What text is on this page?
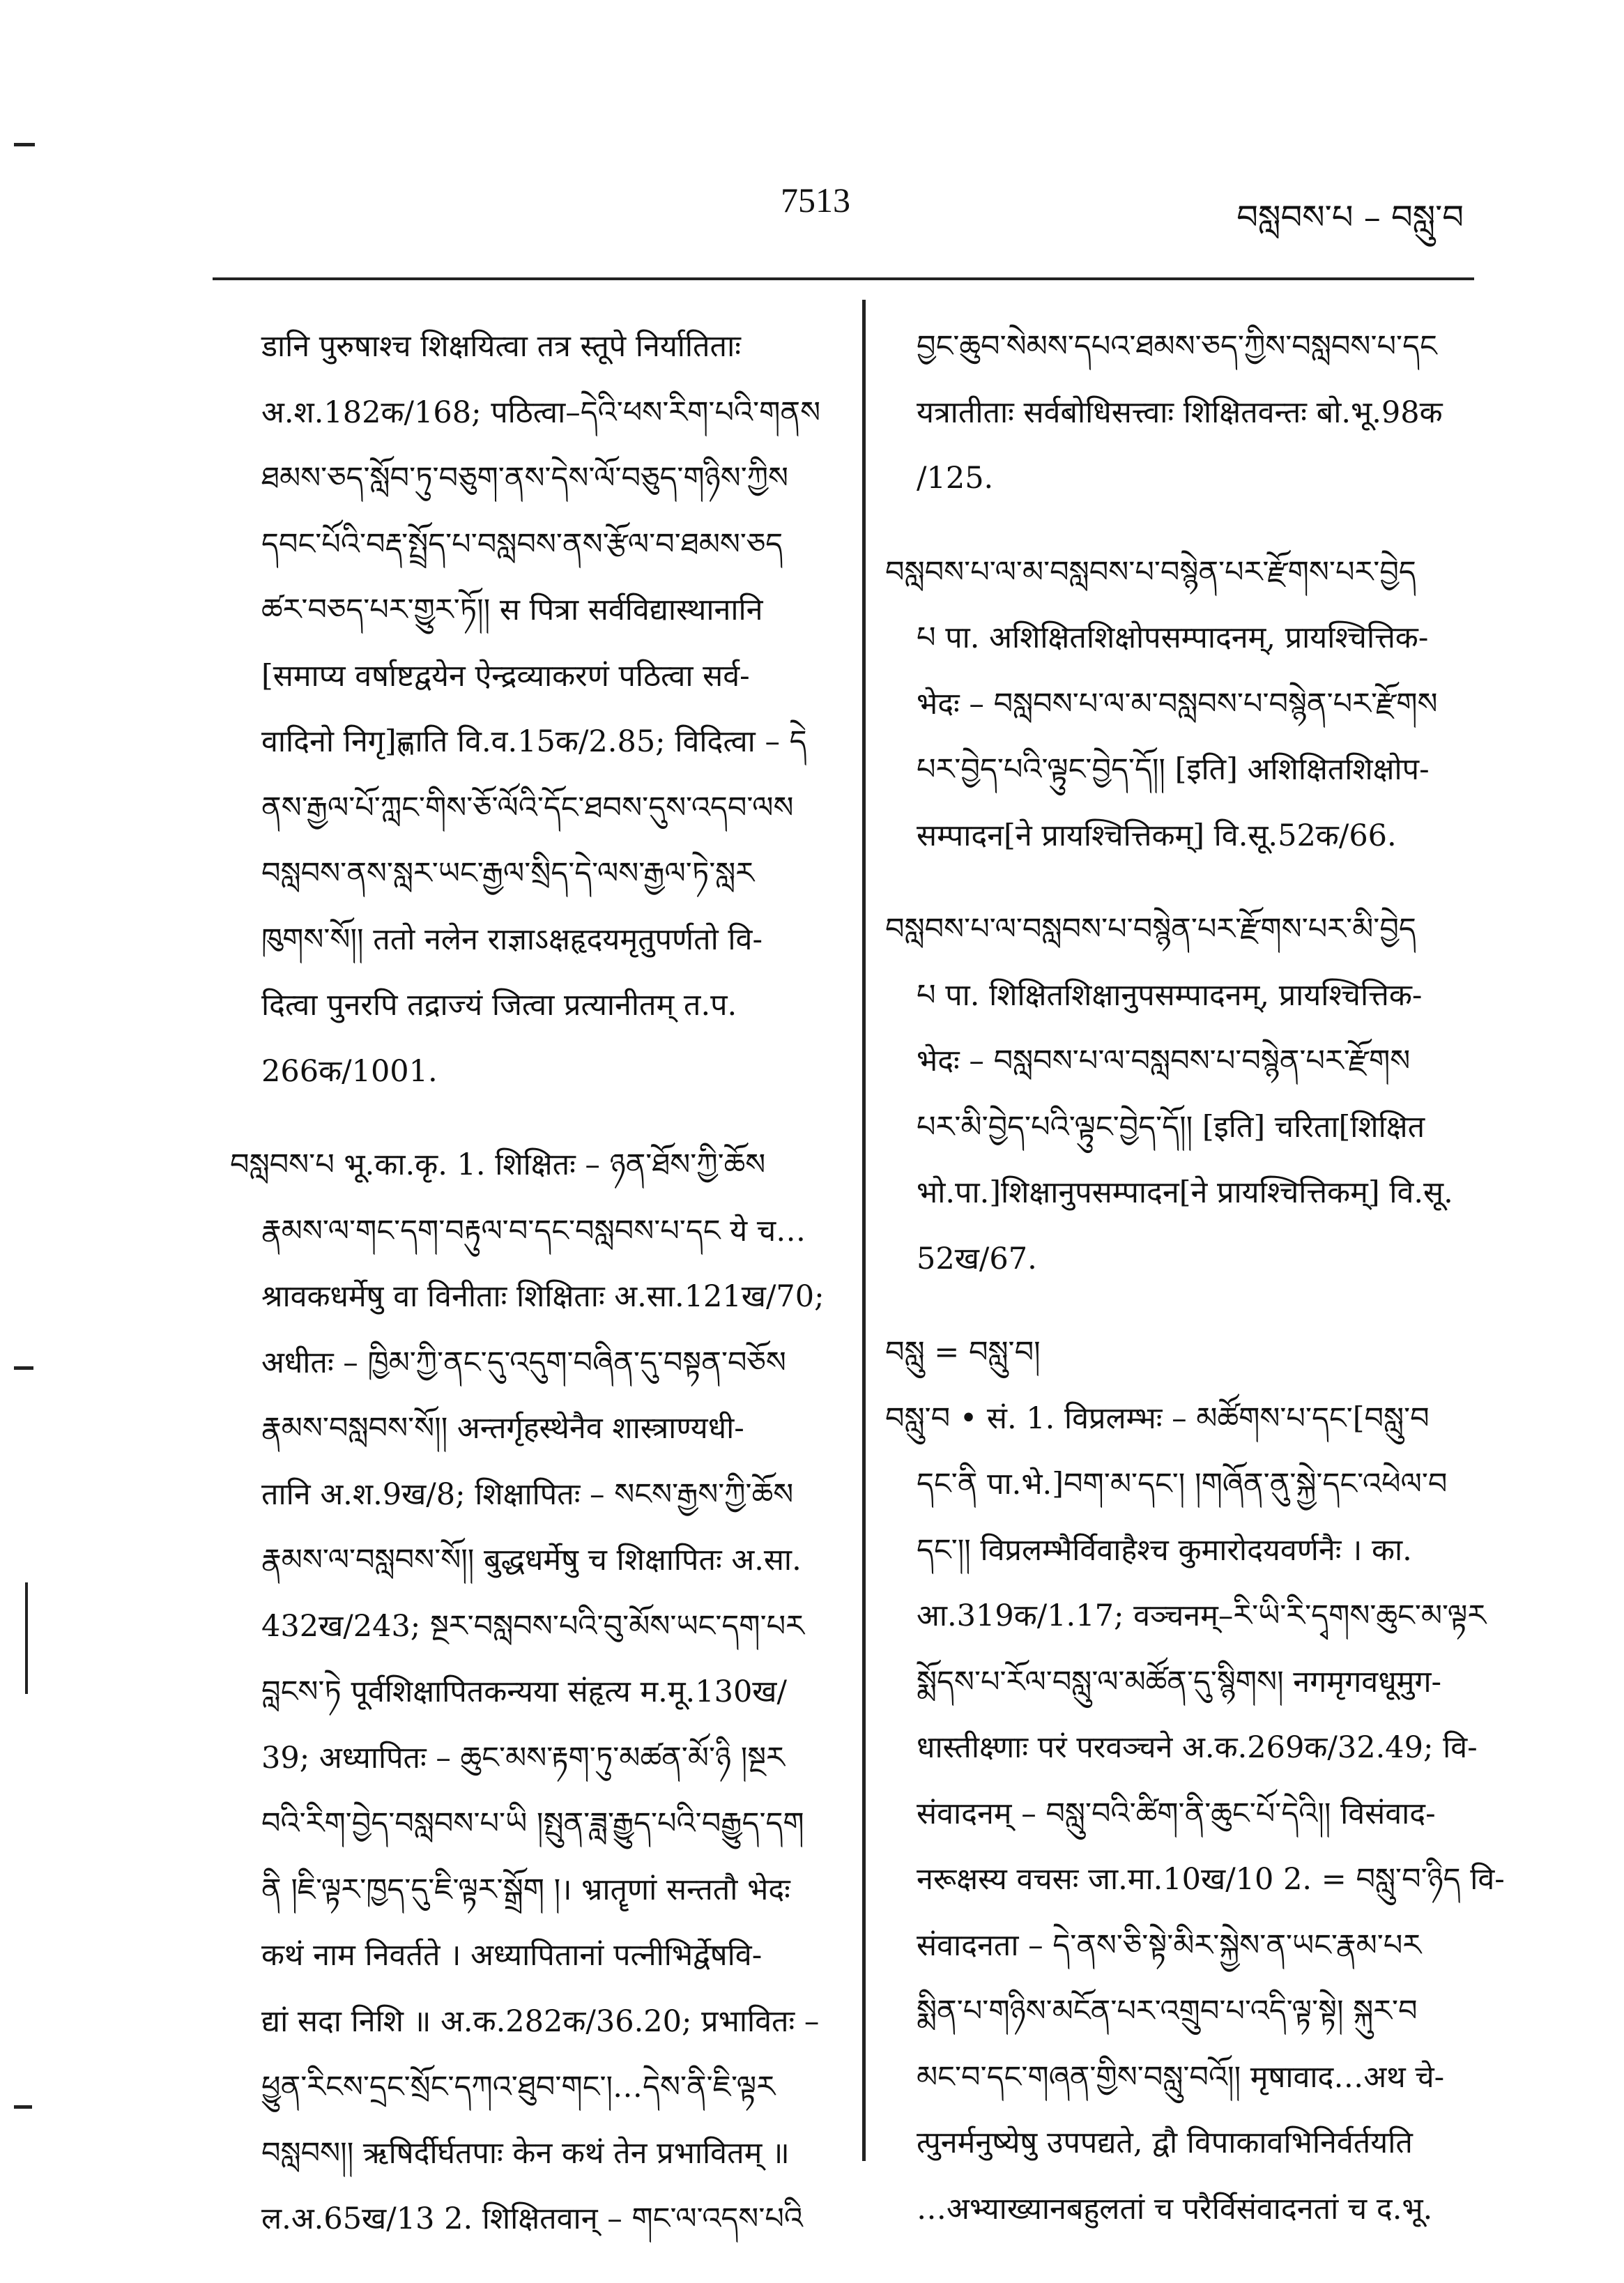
7513	བསླབས་པ – བསླུ་བ
डानि पुरुषाश्च शिक्षयित्वा तत्र स्तूपे निर्यातिताः
अ.श.182क/168; पठित्वा–དེའི་ཕས་རིག་པའི་གནས
ཐམས་ཅད་སློབ་ཏུ་བཅུག་ནས་དེས་ལོ་བཅུད་གཉིས་ཀྱིས
དབང་པོའི་བརྡ་སྤྲོད་པ་བསླབས་ནས་རྩོལ་བ་ཐམས་ཅད
ཚར་བཅད་པར་གྱུར་ཏོ།། स पित्रा सर्वविद्यास्थानानि
[समाप्य वर्षाष्टद्वयेन ऐन्द्रव्याकरणं पठित्वा सर्व-
वादिनो निगृ]ह्णाति वि.व.15क/2.85; विदित्वा – དེ
ནས་རྒྱལ་པོ་ཀླང་གིས་ཅོ་ལོའི་དོང་ཐབས་དུས་འདབ་ལས
བསླབས་ནས་སླར་ཡང་རྒྱལ་སྲིད་དེ་ལས་རྒྱལ་ཏེ་སླར
ཁུགས་སོ།། ततो नलेन राज्ञाऽक्षहृदयमृतुपर्णतो वि-
दित्वा पुनरपि तद्राज्यं जित्वा प्रत्यानीतम् त.प.
266क/1001.
བསླབས་པ भू.का.कृ. 1. शिक्षितः – ཉན་ཐོས་ཀྱི་ཆོས
རྣམས་ལ་གང་དག་བརྟུལ་བ་དང་བསླབས་པ་དང ये च…
श्रावकधर्मेषु वा विनीताः शिक्षिताः अ.सा.121ख/70;
अधीतः – ཁྱིམ་ཀྱི་ནང་དུ་འདུག་བཞིན་དུ་བསྟན་བཅོས
རྣམས་བསླབས་སོ།། अन्तर्गृहस्थेनैव शास्त्राण्यधी-
तानि अ.श.9ख/8; शिक्षापितः – སངས་རྒྱས་ཀྱི་ཆོས
རྣམས་ལ་བསླབས་སོ།། बुद्धधर्मेषु च शिक्षापितः अ.सा.
432ख/243; སྔར་བསླབས་པའི་བུ་མོས་ཡང་དག་པར
བླངས་ཏེ पूर्वशिक्षापितकन्यया संहृत्य म.मू.130ख/
39; अध्यापितः – ཆུང་མས་རྟག་ཏུ་མཚན་མོ་ཉི །སྔར
བའི་རིག་བྱེད་བསླབས་པ་ཡི །སྤུན་ཟླ་རྒྱུད་པའི་བརྒྱུད་དག
ནི །ཇི་ལྟར་ཁྱད་དུ་ཇི་ལྟར་སྒྲོག །। भ्रातॄणां सन्ततौ भेदः
कथं नाम निवर्तते । अध्यापितानां पत्नीभिर्द्वेषवि-
द्यां सदा निशि ॥ अ.क.282क/36.20; प्रभावितः –
ཕྱུན་རིངས་དྲང་སྲོང་དཀའ་ཐུབ་གང་།…དེས་ནི་ཇི་ལྟར
བསླབས།། ऋषिर्दीर्घतपाः केन कथं तेन प्रभावितम् ॥
ल.अ.65ख/13 2. शिक्षितवान् – གང་ལ་འདས་པའི
བྱང་ཆུབ་སེམས་དཔའ་ཐམས་ཅད་ཀྱིས་བསླབས་པ་དང
यत्रातीताः सर्वबोधिसत्त्वाः शिक्षितवन्तः बो.भू.98क
/125.
བསླབས་པ་ལ་མ་བསླབས་པ་བསྙེན་པར་རྫོགས་པར་བྱེད
པ पा. अशिक्षितशिक्षोपसम्पादनम्, प्रायश्चित्तिक-
भेदः – བསླབས་པ་ལ་མ་བསླབས་པ་བསྙེན་པར་རྫོགས
པར་བྱེད་པའི་ལྟུང་བྱེད་དོ།། [इति] अशिक्षितशिक्षोप-
सम्पादन[ने प्रायश्चित्तिकम्] वि.सू.52क/66.
བསླབས་པ་ལ་བསླབས་པ་བསྙེན་པར་རྫོགས་པར་མི་བྱེད
པ पा. शिक्षितशिक्षानुपसम्पादनम्, प्रायश्चित्तिक-
भेदः – བསླབས་པ་ལ་བསླབས་པ་བསྙེན་པར་རྫོགས
པར་མི་བྱེད་པའི་ལྟུང་བྱེད་དོ།། [इति] चरिता[शिक्षित
भो.पा.]शिक्षानुपसम्पादन[ने प्रायश्चित्तिकम्] वि.सू.
52ख/67.
བསླུ = བསླུ་བ།
བསླུ་བ • सं. 1. विप्रलम्भः – མཚོགས་པ་དང་[བསླུ་བ
དང་ནི पा.भे.]བག་མ་དང་། །གཞོན་ནུ་སྐྱེ་དང་འཕེལ་བ
དང་།། विप्रलम्भैर्विवाहैश्च कुमारोदयवर्णनैः । का.
आ.319क/1.17; वञ्चनम्–རི་ཡི་རི་དྭགས་ཆུང་མ་ལྟར
སྨོདས་པ་རོལ་བསླུ་ལ་མཚོན་དུ་སྙིགས། नगमृगवधूमुग-
धास्तीक्ष्णाः परं परवञ्चने अ.क.269क/32.49; वि-
संवादनम् – བསླུ་བའི་ཚིག་ནི་ཆུང་པོ་དེའི།། विसंवाद-
नरूक्षस्य वचसः जा.मा.10ख/10 2. = བསླུ་བ་ཉིད वि-
संवादनता – དེ་ནས་ཅི་སྟེ་མིར་སྐྱེས་ན་ཡང་རྣམ་པར
སྨིན་པ་གཉིས་མངོན་པར་འགྲུབ་པ་འདི་ལྟ་སྟེ། སྐུར་བ
མང་བ་དང་གཞན་གྱིས་བསླུ་བའོ།། मृषावाद…अथ चे-
त्पुनर्मनुष्येषु उपपद्यते, द्वौ विपाकावभिनिर्वर्तयति
…अभ्याख्यानबहुलतां च परैर्विसंवादनतां च द.भू.
